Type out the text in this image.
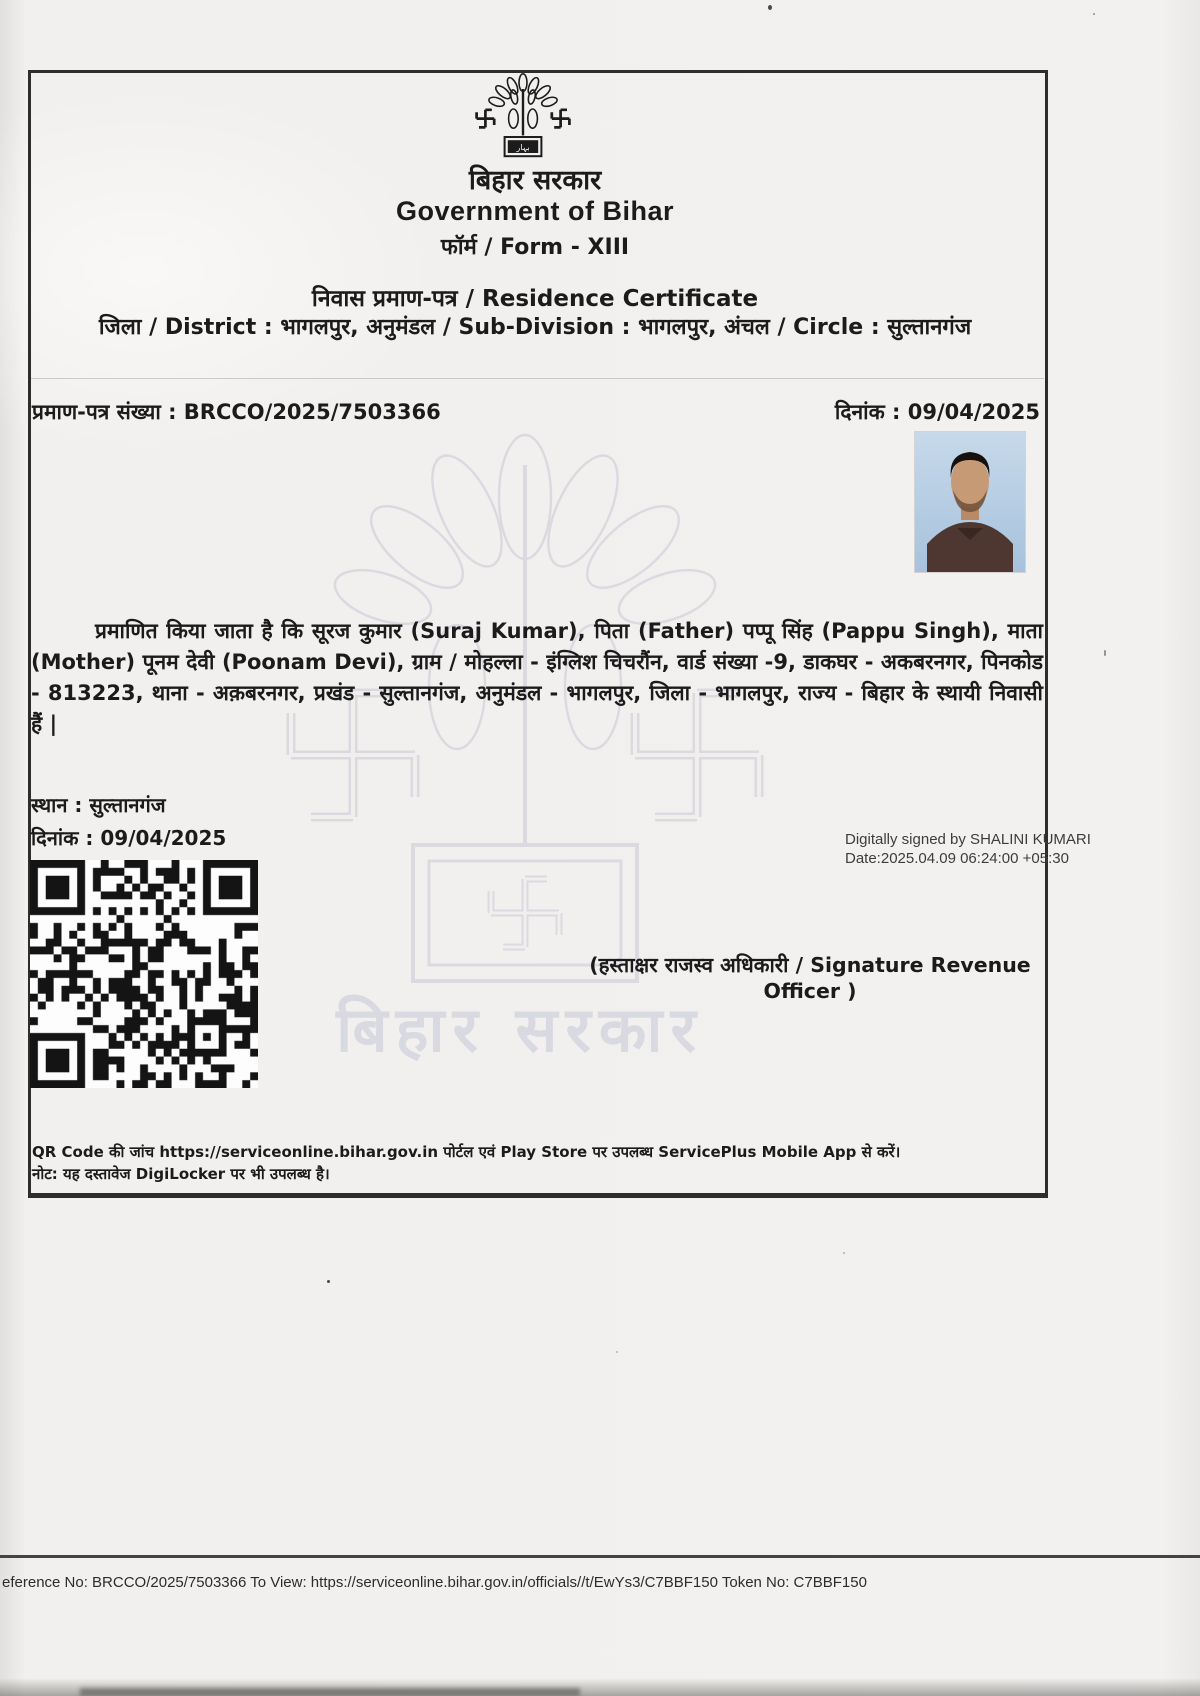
बिहार सरकार
بہار
बिहार सरकार
Government of Bihar
फॉर्म / Form - XIII
निवास प्रमाण-पत्र / Residence Certificate
जिला / District : भागलपुर, अनुमंडल / Sub-Division : भागलपुर, अंचल / Circle : सुल्तानगंज
प्रमाण-पत्र संख्या : BRCCO/2025/7503366	दिनांक : 09/04/2025
प्रमाणित किया जाता है कि सूरज कुमार (Suraj Kumar), पिता (Father) पप्पू सिंह (Pappu Singh), माता (Mother) पूनम देवी (Poonam Devi), ग्राम / मोहल्ला - इंग्लिश चिचरौंन, वार्ड संख्या -9, डाकघर - अकबरनगर, पिनकोड - 813223, थाना - अक़बरनगर, प्रखंड - सुल्तानगंज, अनुमंडल - भागलपुर, जिला - भागलपुर, राज्य - बिहार के स्थायी निवासी हैं |
स्थान : सुल्तानगंज
दिनांक : 09/04/2025	Digitally signed by SHALINI KUMARI
Date:2025.04.09 06:24:00 +05:30
(हस्ताक्षर राजस्व अधिकारी / Signature Revenue Officer )
QR Code की जांच https://serviceonline.bihar.gov.in पोर्टल एवं Play Store पर उपलब्ध ServicePlus Mobile App से करें।
नोट: यह दस्तावेज DigiLocker पर भी उपलब्ध है।
eference No: BRCCO/2025/7503366 To View: https://serviceonline.bihar.gov.in/officials//t/EwYs3/C7BBF150 Token No: C7BBF150
